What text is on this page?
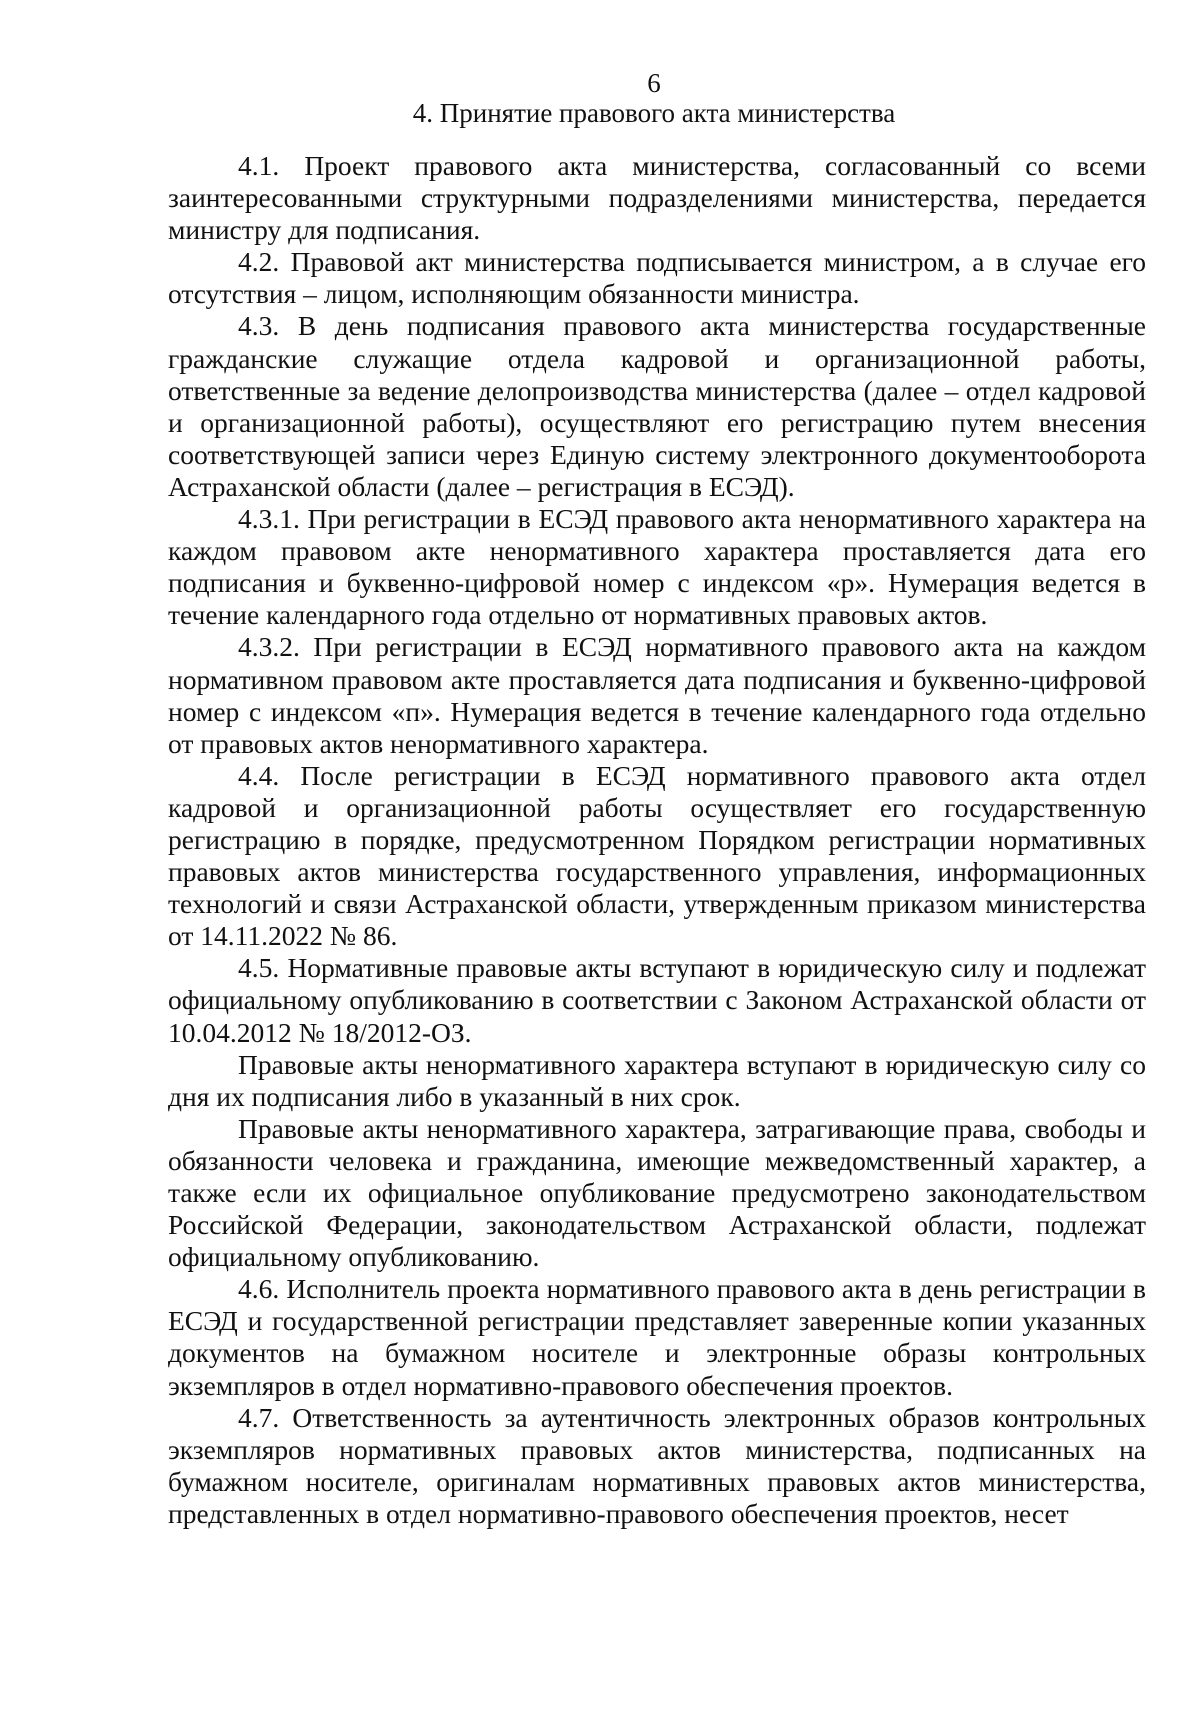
6
4. Принятие правового акта министерства

4.1. Проект правового акта министерства, согласованный со всеми заинтересованными структурными подразделениями министерства, передается министру для подписания.

4.2. Правовой акт министерства подписывается министром, а в случае его отсутствия – лицом, исполняющим обязанности министра.

4.3. В день подписания правового акта министерства государственные гражданские служащие отдела кадровой и организационной работы, ответственные за ведение делопроизводства министерства (далее – отдел кадровой и организационной работы), осуществляют его регистрацию путем внесения соответствующей записи через Единую систему электронного документооборота Астраханской области (далее – регистрация в ЕСЭД).

4.3.1. При регистрации в ЕСЭД правового акта ненормативного характера на каждом правовом акте ненормативного характера проставляется дата его подписания и буквенно-цифровой номер с индексом «р». Нумерация ведется в течение календарного года отдельно от нормативных правовых актов.

4.3.2. При регистрации в ЕСЭД нормативного правового акта на каждом нормативном правовом акте проставляется дата подписания и буквенно-цифровой номер с индексом «п». Нумерация ведется в течение календарного года отдельно от правовых актов ненормативного характера.

4.4. После регистрации в ЕСЭД нормативного правового акта отдел кадровой и организационной работы осуществляет его государственную регистрацию в порядке, предусмотренном Порядком регистрации нормативных правовых актов министерства государственного управления, информационных технологий и связи Астраханской области, утвержденным приказом министерства от 14.11.2022 № 86.

4.5. Нормативные правовые акты вступают в юридическую силу и подлежат официальному опубликованию в соответствии с Законом Астраханской области от 10.04.2012 № 18/2012-ОЗ.

Правовые акты ненормативного характера вступают в юридическую силу со дня их подписания либо в указанный в них срок.

Правовые акты ненормативного характера, затрагивающие права, свободы и обязанности человека и гражданина, имеющие межведомственный характер, а также если их официальное опубликование предусмотрено законодательством Российской Федерации, законодательством Астраханской области, подлежат официальному опубликованию.

4.6. Исполнитель проекта нормативного правового акта в день регистрации в ЕСЭД и государственной регистрации представляет заверенные копии указанных документов на бумажном носителе и электронные образы контрольных экземпляров в отдел нормативно-правового обеспечения проектов.

4.7. Ответственность за аутентичность электронных образов контрольных экземпляров нормативных правовых актов министерства, подписанных на бумажном носителе, оригиналам нормативных правовых актов министерства, представленных в отдел нормативно-правового обеспечения проектов, несет
